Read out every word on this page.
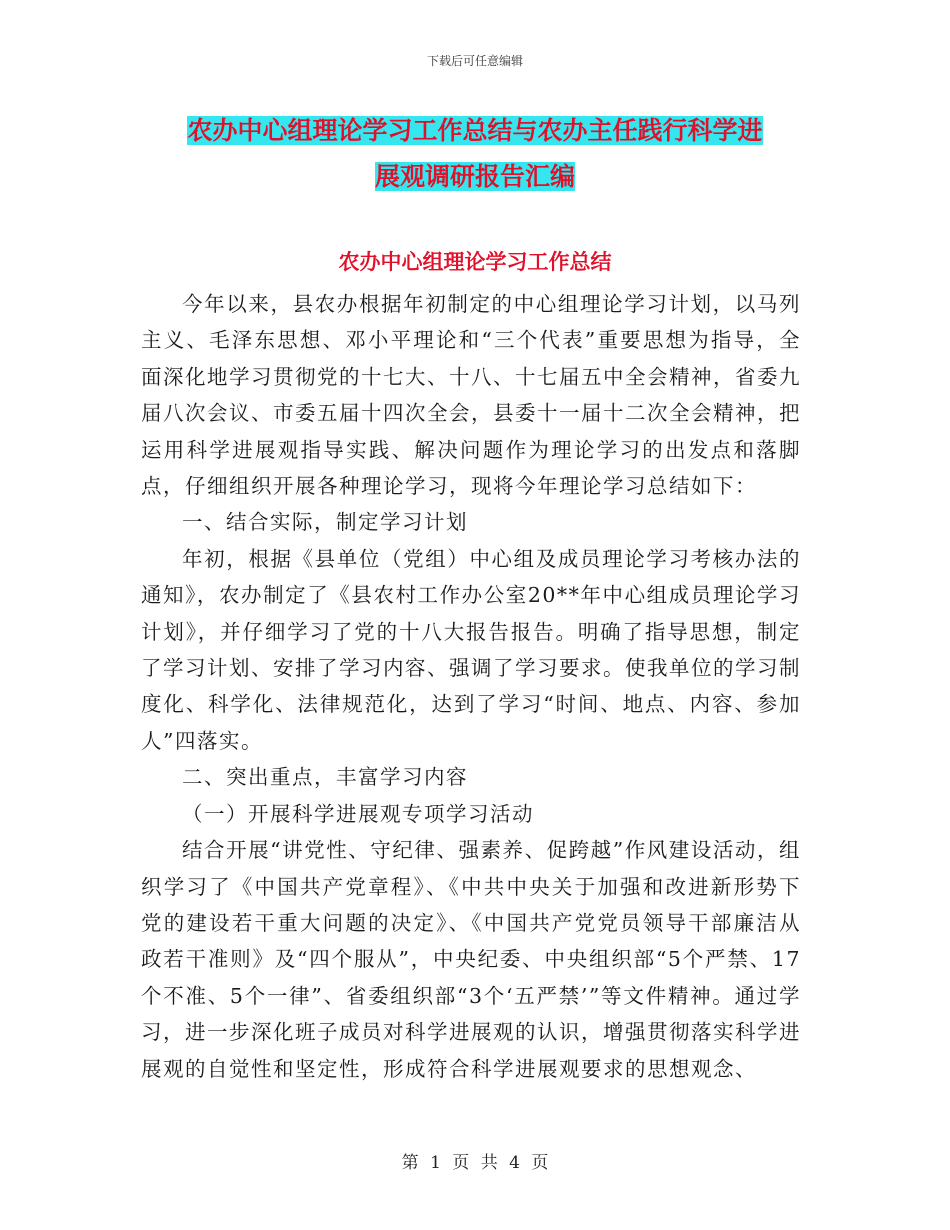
下载后可任意编辑
农办中心组理论学习工作总结与农办主任践行科学进
展观调研报告汇编
农办中心组理论学习工作总结

今年以来，县农办根据年初制定的中心组理论学习计划，以马列主义、毛泽东思想、邓小平理论和“三个代表”重要思想为指导，全面深化地学习贯彻党的十七大、十八、十七届五中全会精神，省委九届八次会议、市委五届十四次全会，县委十一届十二次全会精神，把运用科学进展观指导实践、解决问题作为理论学习的出发点和落脚点，仔细组织开展各种理论学习，现将今年理论学习总结如下：

一、结合实际，制定学习计划

年初，根据《县单位（党组）中心组及成员理论学习考核办法的通知》，农办制定了《县农村工作办公室20**年中心组成员理论学习计划》，并仔细学习了党的十八大报告报告。明确了指导思想，制定了学习计划、安排了学习内容、强调了学习要求。使我单位的学习制度化、科学化、法律规范化，达到了学习“时间、地点、内容、参加人”四落实。

二、突出重点，丰富学习内容

（一）开展科学进展观专项学习活动

结合开展“讲党性、守纪律、强素养、促跨越”作风建设活动，组织学习了《中国共产党章程》、《中共中央关于加强和改进新形势下党的建设若干重大问题的决定》、《中国共产党党员领导干部廉洁从政若干准则》及“四个服从”，中央纪委、中央组织部“5个严禁、17个不准、5个一律”、省委组织部“3个‘五严禁’”等文件精神。通过学习，进一步深化班子成员对科学进展观的认识，增强贯彻落实科学进展观的自觉性和坚定性，形成符合科学进展观要求的思想观念、

第 1 页 共 4 页
